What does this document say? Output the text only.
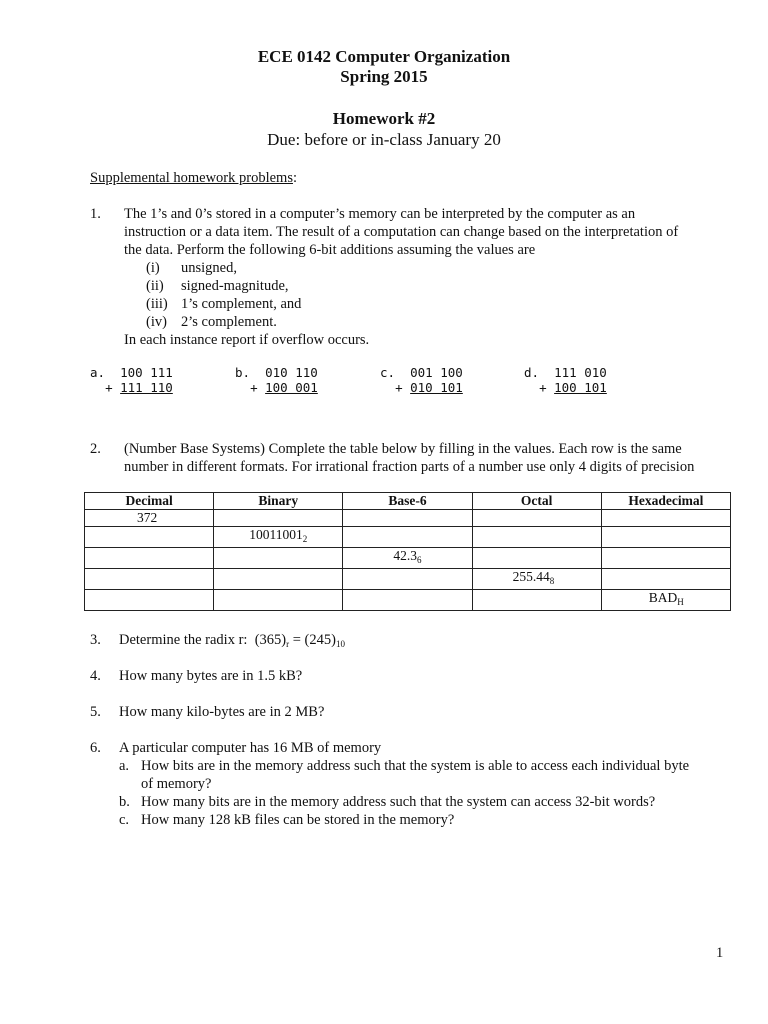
ECE 0142 Computer Organization
Spring 2015
Homework #2
Due: before or in-class January 20
Supplemental homework problems:
1. The 1’s and 0’s stored in a computer’s memory can be interpreted by the computer as an
instruction or a data item. The result of a computation can change based on the interpretation of
the data. Perform the following 6-bit additions assuming the values are
(i) unsigned,
(ii) signed-magnitude,
(iii) 1’s complement, and
(iv) 2’s complement.
In each instance report if overflow occurs.
a. 100 111
+ 111 110
b. 010 110
+ 100 001
c. 001 100
+ 010 101
d. 111 010
+ 100 101
2. (Number Base Systems) Complete the table below by filling in the values. Each row is the same
number in different formats. For irrational fraction parts of a number use only 4 digits of precision
Decimal	Binary	Base-6	Octal	Hexadecimal
372				
	$10011001_2$			
		$42.3_6$		
			$255.44_8$	
				$BAD_H$
3. Determine the radix r: $(365)_r = (245)_{10}$
4. How many bytes are in 1.5 kB?
5. How many kilo-bytes are in 2 MB?
6. A particular computer has 16 MB of memory
a. How bits are in the memory address such that the system is able to access each individual byte
of memory?
b. How many bits are in the memory address such that the system can access 32-bit words?
c. How many 128 kB files can be stored in the memory?
1
